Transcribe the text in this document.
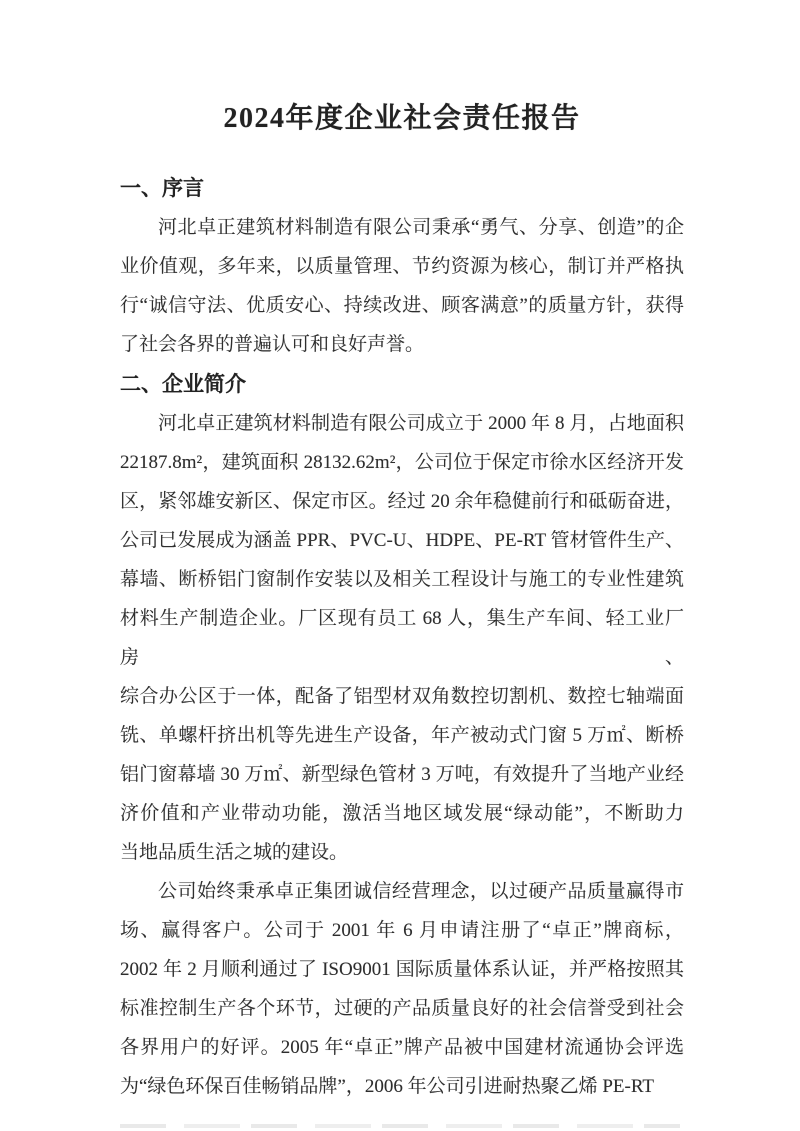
2024年度企业社会责任报告
一、序言
河北卓正建筑材料制造有限公司秉承“勇气、分享、创造”的企
业价值观，多年来，以质量管理、节约资源为核心，制订并严格执
行“诚信守法、优质安心、持续改进、顾客满意”的质量方针，获得
了社会各界的普遍认可和良好声誉。
二、企业简介
河北卓正建筑材料制造有限公司成立于 2000 年 8 月，占地面积
22187.8m²，建筑面积 28132.62m²，公司位于保定市徐水区经济开发
区，紧邻雄安新区、保定市区。经过 20 余年稳健前行和砥砺奋进，
公司已发展成为涵盖 PPR、PVC-U、HDPE、PE-RT 管材管件生产、
幕墙、断桥铝门窗制作安装以及相关工程设计与施工的专业性建筑
材料生产制造企业。厂区现有员工 68 人，集生产车间、轻工业厂房、
综合办公区于一体，配备了铝型材双角数控切割机、数控七轴端面
铣、单螺杆挤出机等先进生产设备，年产被动式门窗 5 万㎡、断桥
铝门窗幕墙 30 万㎡、新型绿色管材 3 万吨，有效提升了当地产业经
济价值和产业带动功能，激活当地区域发展“绿动能”，不断助力
当地品质生活之城的建设。
公司始终秉承卓正集团诚信经营理念，以过硬产品质量赢得市
场、赢得客户。公司于 2001 年 6 月申请注册了“卓正”牌商标，
2002 年 2 月顺利通过了 ISO9001 国际质量体系认证，并严格按照其
标准控制生产各个环节，过硬的产品质量良好的社会信誉受到社会
各界用户的好评。2005 年“卓正”牌产品被中国建材流通协会评选
为“绿色环保百佳畅销品牌”，2006 年公司引进耐热聚乙烯 PE-RT
